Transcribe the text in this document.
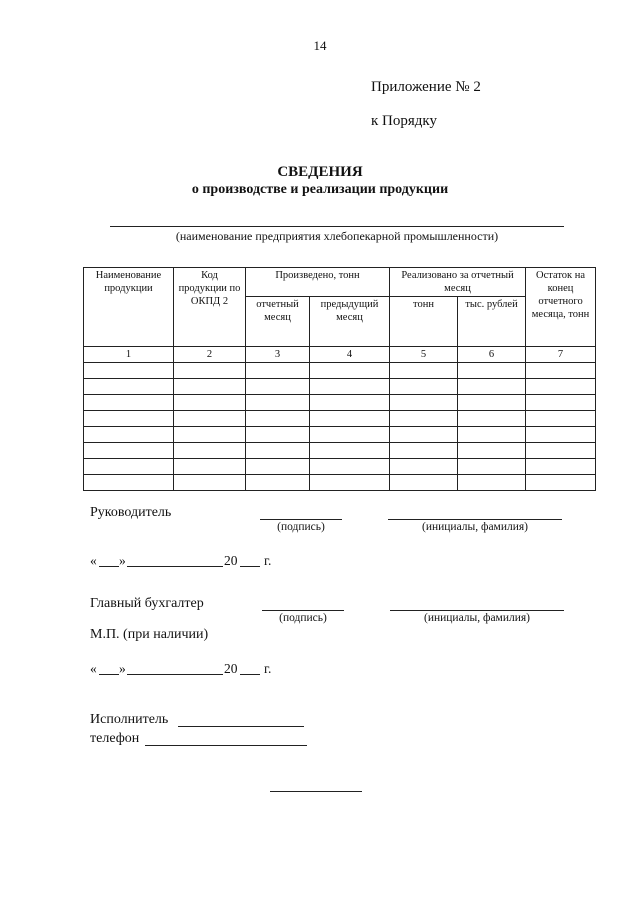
14
Приложение № 2
к Порядку
СВЕДЕНИЯ
о производстве и реализации продукции
(наименование предприятия хлебопекарной промышленности)
Наименование продукции	Код продукции по ОКПД 2	Произведено, тонн		Реализовано за отчетный месяц		Остаток на конец отчетного месяца, тонн
		отчетный месяц	предыдущий месяц	тонн	тыс. рублей	
1	2	3	4	5	6	7

Руководитель
(подпись)	(инициалы, фамилия)
« »	20 г.
Главный бухгалтер
(подпись)	(инициалы, фамилия)
М.П. (при наличии)
« »	20 г.
Исполнитель
телефон
